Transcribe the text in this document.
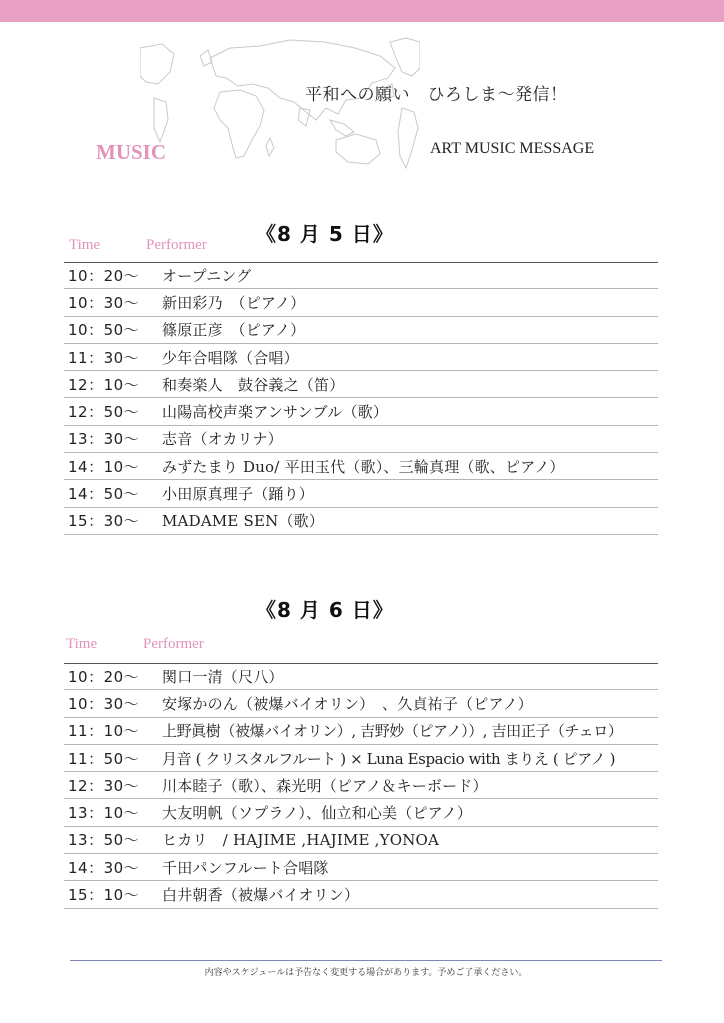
平和への願い　ひろしま～発信！
MUSIC	ART MUSIC MESSAGE
《8 月 5 日》
Time	Performer
10：20～	オープニング
10：30～	新田彩乃　（ピアノ）
10：50～	篠原正彦　（ピアノ）
11：30～	少年合唱隊（合唱）
12：10～	和奏楽人　鼓谷義之（笛）
12：50～	山陽高校声楽アンサンブル（歌）
13：30～	志音（オカリナ）
14：10～	みずたまり Duo/ 平田玉代（歌）、三輪真理（歌、ピアノ）
14：50～	小田原真理子（踊り）
15：30～	MADAME SEN（歌）
《8 月 6 日》
Time	Performer
10：20～	関口一清（尺八）
10：30～	安塚かのん（被爆バイオリン）　、久貞祐子（ピアノ）
11：10～	上野眞樹（被爆バイオリン）, 吉野妙（ピアノ））, 吉田正子（チェロ）
11：50～	月音 ( クリスタルフルート ) × Luna Espacio with まりえ ( ピアノ )
12：30～	川本睦子（歌）、森光明（ピアノ＆キーボード）
13：10～	大友明帆（ソプラノ）、仙立和心美（ピアノ）
13：50～	ヒカリ　/ HAJIME ,HAJIME ,YONOA
14：30～	千田パンフルート合唱隊
15：10～	白井朝香（被爆バイオリン）
内容やスケジュールは予告なく変更する場合があります。予めご了承ください。
